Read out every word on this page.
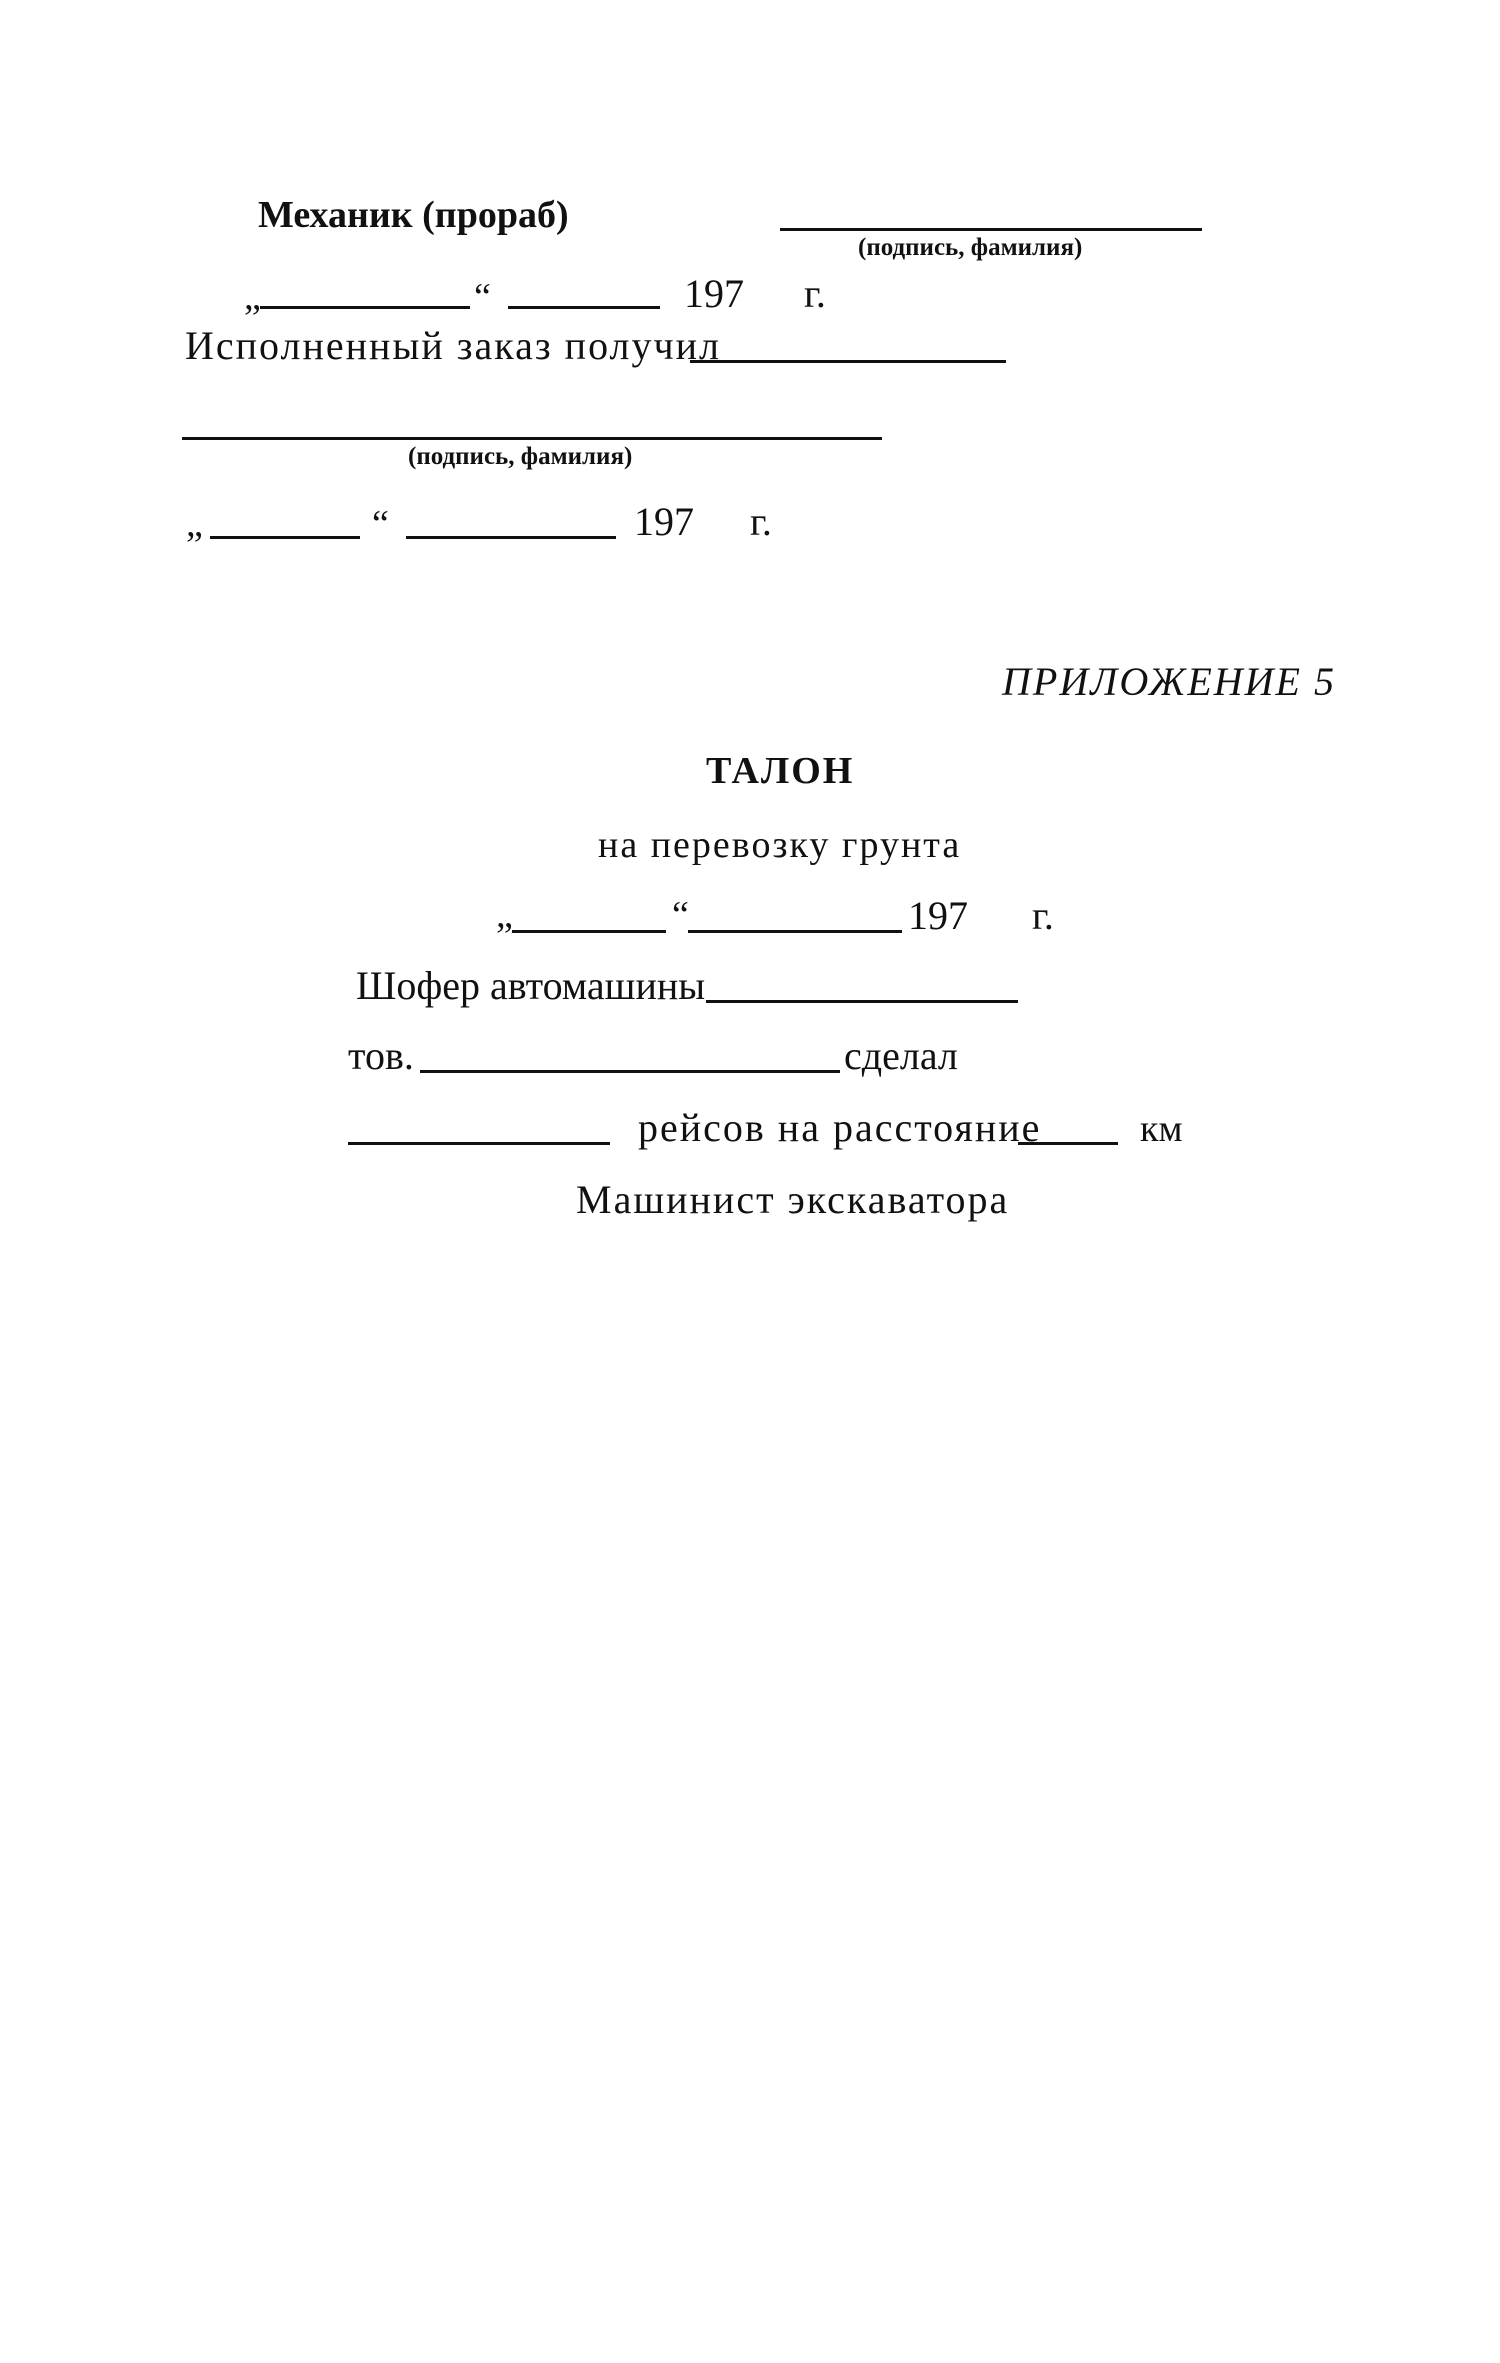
Механик (прораб)
(подпись, фамилия)
„	“	197 г.
Исполненный заказ получил
(подпись, фамилия)
„	“	197 г.
ПРИЛОЖЕНИЕ 5
ТАЛОН
на перевозку грунта
„	“	197 г.
Шофер автомашины
тов.	сделал
рейсов на расстояние	км
Машинист экскаватора
